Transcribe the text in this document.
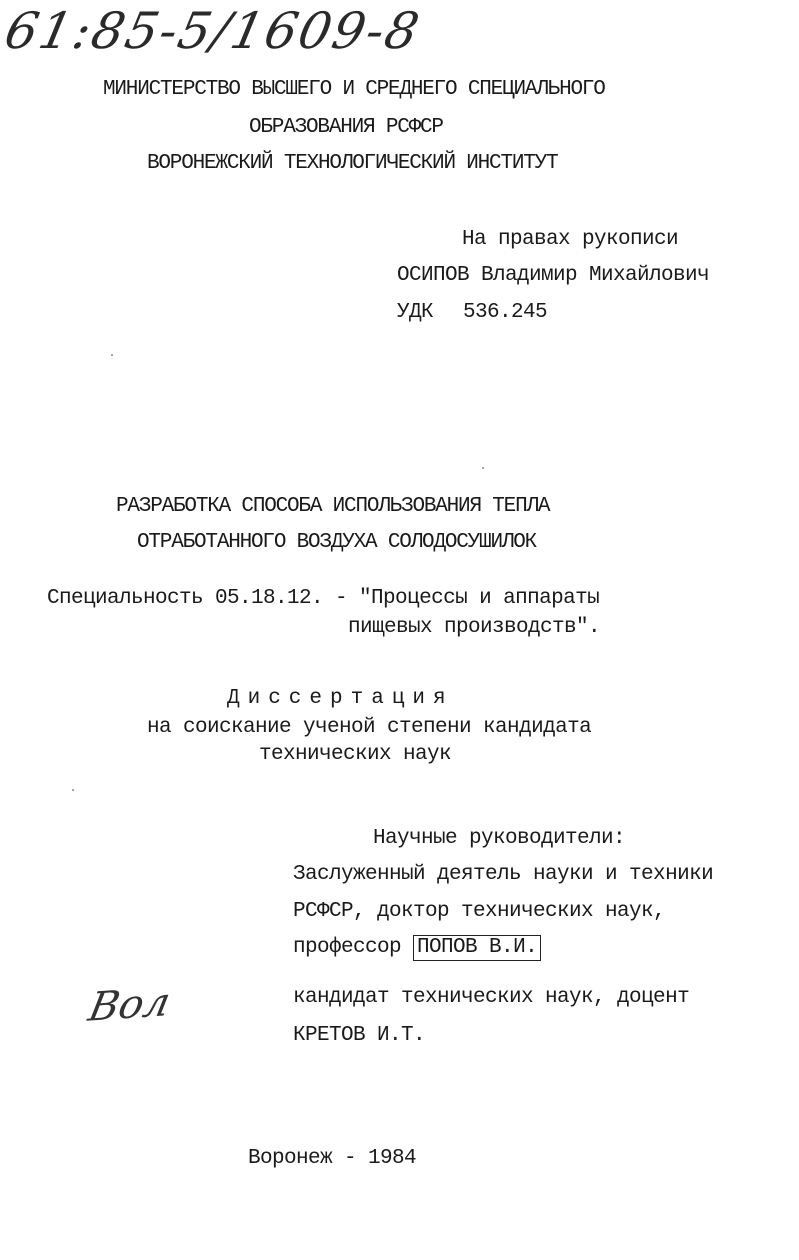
61:85-5/1609-8
МИНИСТЕРСТВО ВЫСШЕГО И СРЕДНЕГО СПЕЦИАЛЬНОГО
ОБРАЗОВАНИЯ РСФСР
ВОРОНЕЖСКИЙ ТЕХНОЛОГИЧЕСКИЙ ИНСТИТУТ
На правах рукописи
ОСИПОВ Владимир Михайлович
УДК 536.245
РАЗРАБОТКА СПОСОБА ИСПОЛЬЗОВАНИЯ ТЕПЛА
ОТРАБОТАННОГО ВОЗДУХА СОЛОДОСУШИЛОК
Специальность 05.18.12. - "Процессы и аппараты
пищевых производств".
Диссертация
на соискание ученой степени кандидата
технических наук
Научные руководители:
Заслуженный деятель науки и техники
РСФСР, доктор технических наук,
профессор ПОПОВ В.И.
кандидат технических наук, доцент
КРЕТОВ И.Т.
Вол
Воронеж - 1984
